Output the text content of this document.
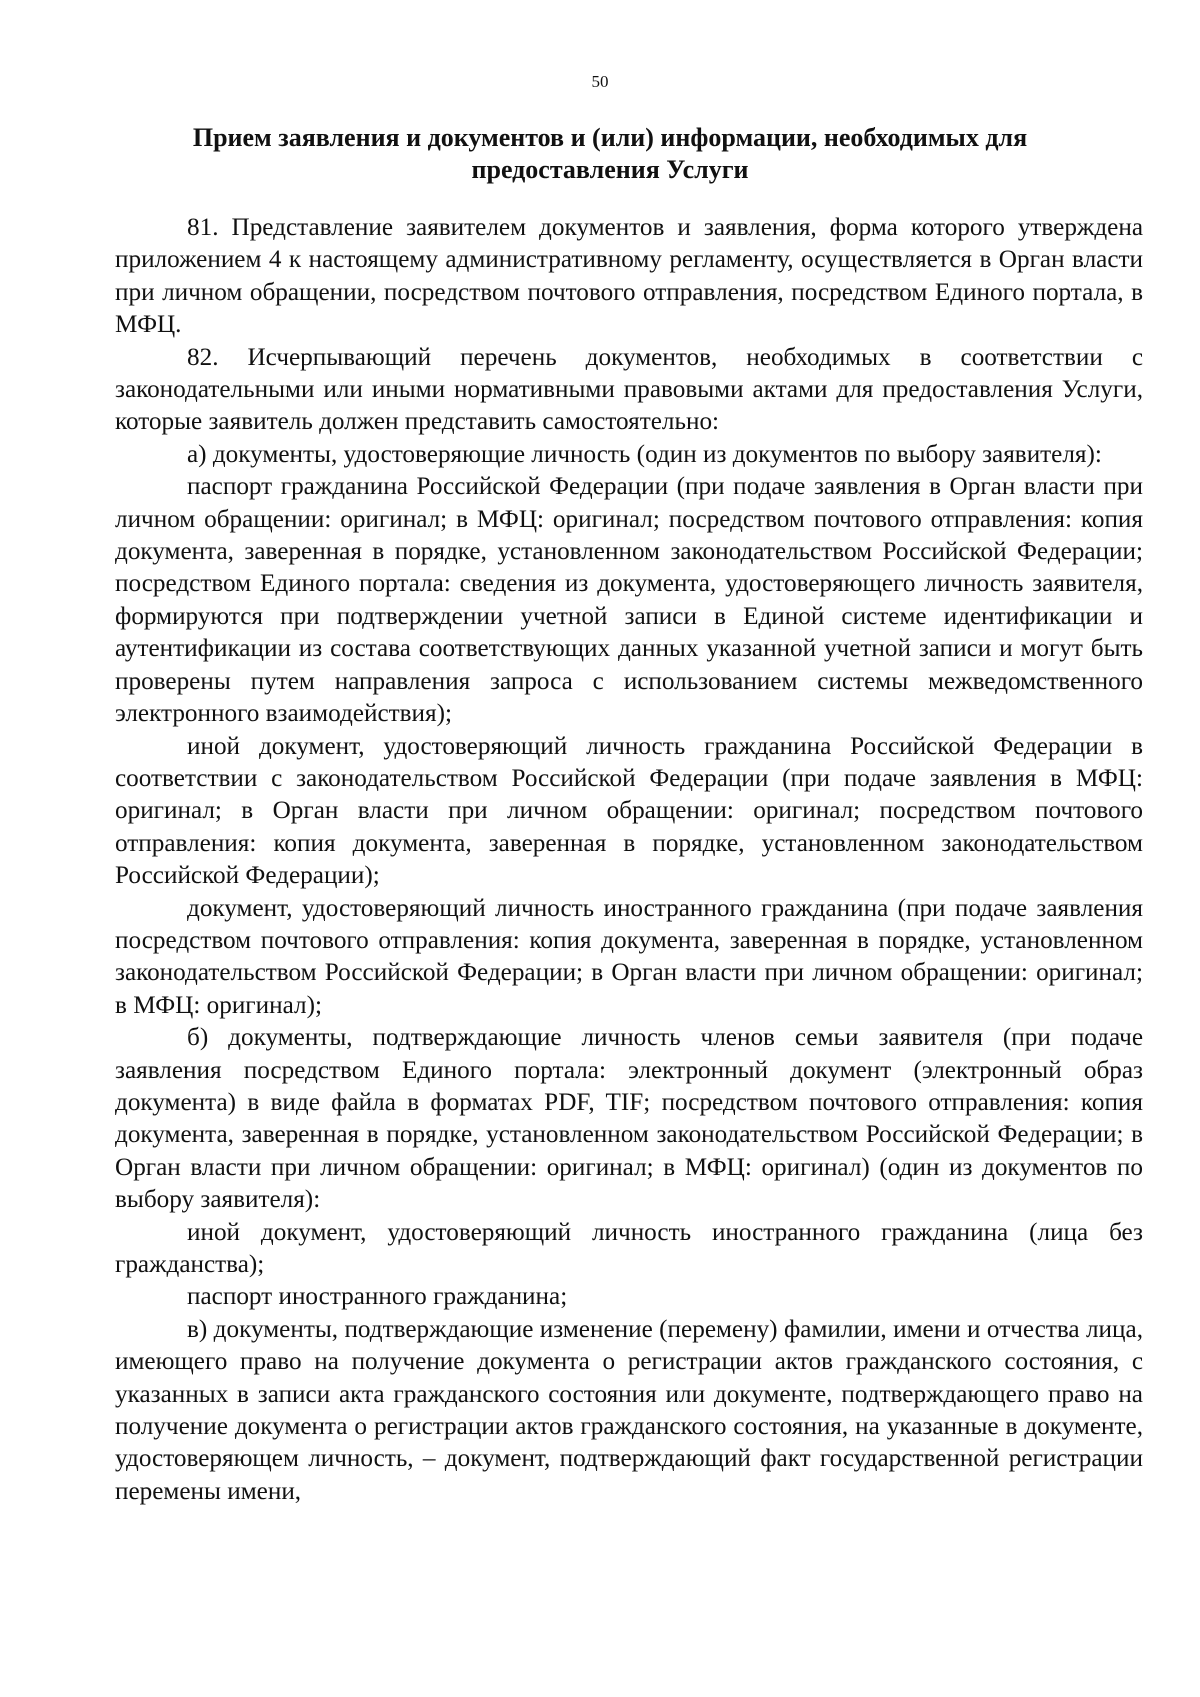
50
Прием заявления и документов и (или) информации, необходимых для
предоставления Услуги

81. Представление заявителем документов и заявления, форма которого утверждена приложением 4 к настоящему административному регламенту, осуществляется в Орган власти при личном обращении, посредством почтового отправления, посредством Единого портала, в МФЦ.

82. Исчерпывающий перечень документов, необходимых в соответствии с законодательными или иными нормативными правовыми актами для предоставления Услуги, которые заявитель должен представить самостоятельно:

а) документы, удостоверяющие личность (один из документов по выбору заявителя):

паспорт гражданина Российской Федерации (при подаче заявления в Орган власти при личном обращении: оригинал; в МФЦ: оригинал; посредством почтового отправления: копия документа, заверенная в порядке, установленном законодательством Российской Федерации; посредством Единого портала: сведения из документа, удостоверяющего личность заявителя, формируются при подтверждении учетной записи в Единой системе идентификации и аутентификации из состава соответствующих данных указанной учетной записи и могут быть проверены путем направления запроса с использованием системы межведомственного электронного взаимодействия);

иной документ, удостоверяющий личность гражданина Российской Федерации в соответствии с законодательством Российской Федерации (при подаче заявления в МФЦ: оригинал; в Орган власти при личном обращении: оригинал; посредством почтового отправления: копия документа, заверенная в порядке, установленном законодательством Российской Федерации);

документ, удостоверяющий личность иностранного гражданина (при подаче заявления посредством почтового отправления: копия документа, заверенная в порядке, установленном законодательством Российской Федерации; в Орган власти при личном обращении: оригинал; в МФЦ: оригинал);

б) документы, подтверждающие личность членов семьи заявителя (при подаче заявления посредством Единого портала: электронный документ (электронный образ документа) в виде файла в форматах PDF, TIF; посредством почтового отправления: копия документа, заверенная в порядке, установленном законодательством Российской Федерации; в Орган власти при личном обращении: оригинал; в МФЦ: оригинал) (один из документов по выбору заявителя):

иной документ, удостоверяющий личность иностранного гражданина (лица без гражданства);

паспорт иностранного гражданина;

в) документы, подтверждающие изменение (перемену) фамилии, имени и отчества лица, имеющего право на получение документа о регистрации актов гражданского состояния, с указанных в записи акта гражданского состояния или документе, подтверждающего право на получение документа о регистрации актов гражданского состояния, на указанные в документе, удостоверяющем личность, – документ, подтверждающий факт государственной регистрации перемены имени,
